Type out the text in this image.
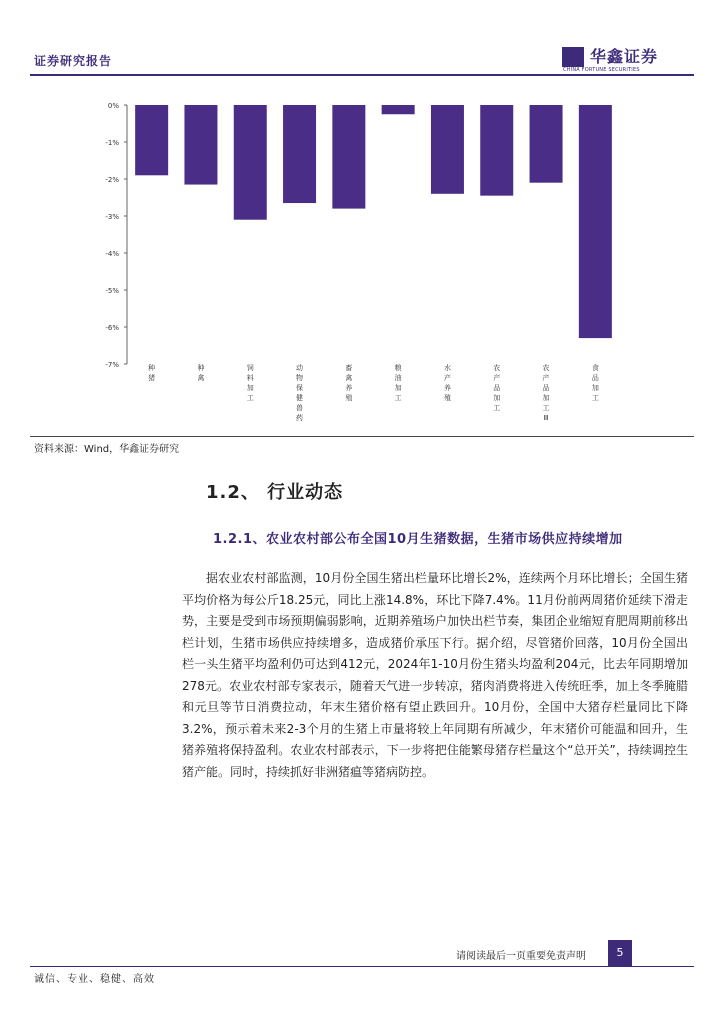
证券研究报告	华鑫证券
CHINA FORTUNE SECURITIES
0%
-1%
-2%
-3%
-4%
-5%
-6%
-7%	种猪
种禽
饲料加工
动物保健兽药
畜禽养殖
粮油加工
水产养殖
农产品加工
农产品加工 Ⅲ
食品加工
资料来源：Wind，华鑫证券研究
1.2、 行业动态
1.2.1、农业农村部公布全国10月生猪数据，生猪市场供应持续增加
据农业农村部监测，10月份全国生猪出栏量环比增长2%，连续两个月环比增长；全国生猪平均价格为每公斤18.25元，同比上涨14.8%，环比下降7.4%。11月份前两周猪价延续下滑走势，主要是受到市场预期偏弱影响，近期养殖场户加快出栏节奏，集团企业缩短育肥周期前移出栏计划，生猪市场供应持续增多，造成猪价承压下行。据介绍，尽管猪价回落，10月份全国出栏一头生猪平均盈利仍可达到412元，2024年1-10月份生猪头均盈利204元，比去年同期增加278元。农业农村部专家表示，随着天气进一步转凉，猪肉消费将进入传统旺季，加上冬季腌腊和元旦等节日消费拉动，年末生猪价格有望止跌回升。10月份，全国中大猪存栏量同比下降3.2%，预示着未来2-3个月的生猪上市量将较上年同期有所减少，年末猪价可能温和回升，生猪养殖将保持盈利。农业农村部表示，下一步将把住能繁母猪存栏量这个“总开关”，持续调控生猪产能。同时，持续抓好非洲猪瘟等猪病防控。
请阅读最后一页重要免责声明	5
诚信、专业、稳健、高效
